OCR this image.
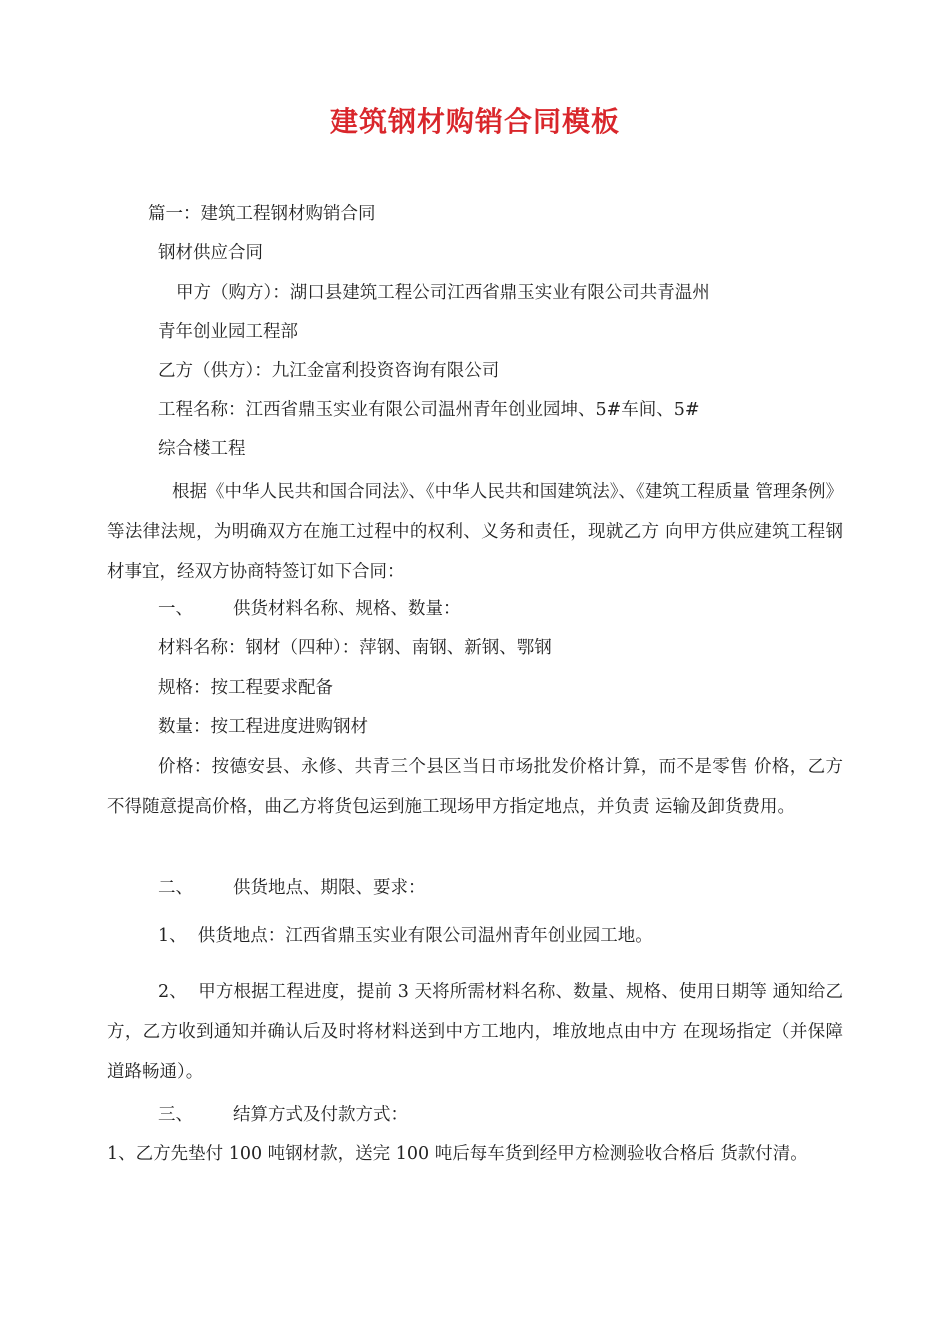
建筑钢材购销合同模板
篇一：建筑工程钢材购销合同
钢材供应合同
甲方（购方）：湖口县建筑工程公司江西省鼎玉实业有限公司共青温州
青年创业园工程部
乙方（供方）：九江金富利投资咨询有限公司
工程名称：江西省鼎玉实业有限公司温州青年创业园坤、5#车间、5#
综合楼工程
根据《中华人民共和国合同法》、《中华人民共和国建筑法》、《建筑工程质量 管理条例》等法律法规，为明确双方在施工过程中的权利、义务和责任，现就乙方 向甲方供应建筑工程钢材事宜，经双方协商特签订如下合同：
一、 供货材料名称、规格、数量：
材料名称：钢材（四种）：萍钢、南钢、新钢、鄂钢
规格：按工程要求配备
数量：按工程进度进购钢材
价格：按德安县、永修、共青三个县区当日市场批发价格计算，而不是零售 价格，乙方不得随意提高价格，曲乙方将货包运到施工现场甲方指定地点，并负责 运输及卸货费用。
二、 供货地点、期限、要求：
1、 供货地点：江西省鼎玉实业有限公司温州青年创业园工地。
2、 甲方根据工程进度，提前 3 天将所需材料名称、数量、规格、使用日期等 通知给乙方，乙方收到通知并确认后及时将材料送到中方工地内，堆放地点由中方 在现场指定（并保障道路畅通）。
三、 结算方式及付款方式：
1、乙方先垫付 100 吨钢材款，送完 100 吨后每车货到经甲方检测验收合格后 货款付清。
